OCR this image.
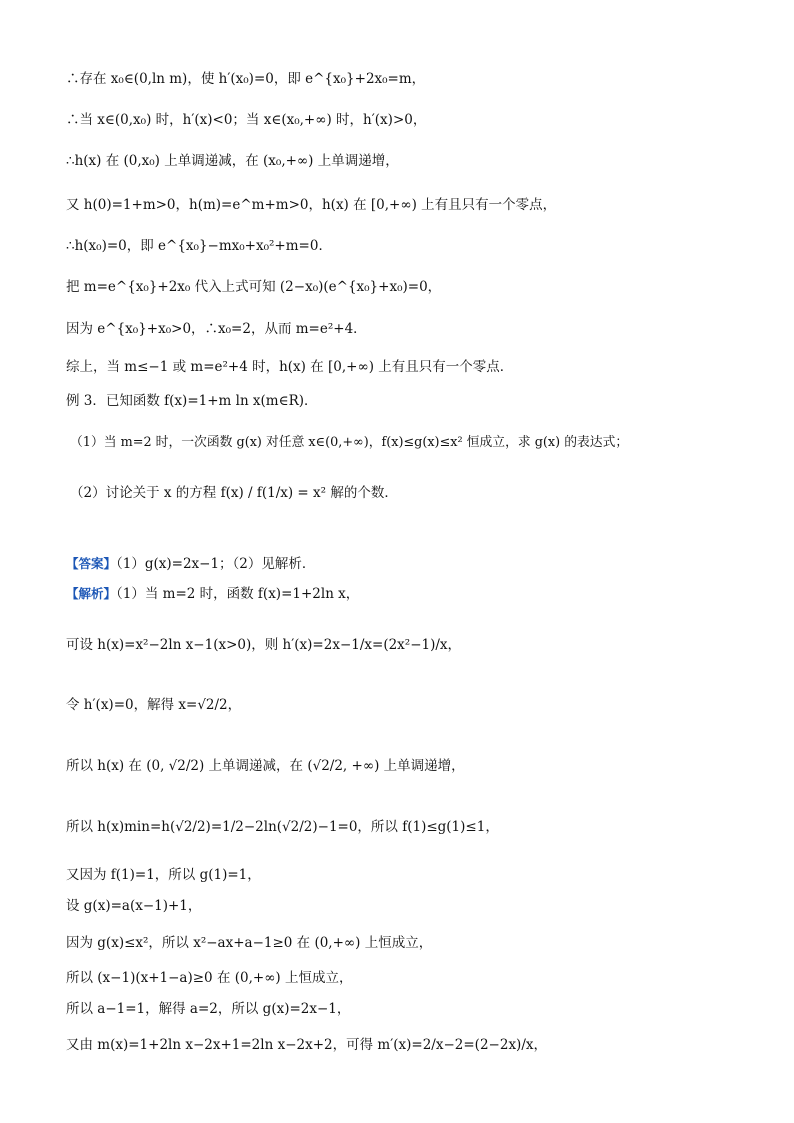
∴存在 x₀∈(0,ln m)，使 h′(x₀)=0，即 e^{x₀}+2x₀=m，
∴当 x∈(0,x₀) 时，h′(x)<0；当 x∈(x₀,+∞) 时，h′(x)>0，
∴h(x) 在 (0,x₀) 上单调递减，在 (x₀,+∞) 上单调递增，
又 h(0)=1+m>0，h(m)=e^m+m>0，h(x) 在 [0,+∞) 上有且只有一个零点，
∴h(x₀)=0，即 e^{x₀}−mx₀+x₀²+m=0．
把 m=e^{x₀}+2x₀ 代入上式可知 (2−x₀)(e^{x₀}+x₀)=0，
因为 e^{x₀}+x₀>0，∴x₀=2，从而 m=e²+4．
综上，当 m≤−1 或 m=e²+4 时，h(x) 在 [0,+∞) 上有且只有一个零点．
例 3．已知函数 f(x)=1+m ln x(m∈R)．
（1）当 m=2 时，一次函数 g(x) 对任意 x∈(0,+∞)，f(x)≤g(x)≤x² 恒成立，求 g(x) 的表达式；
（2）讨论关于 x 的方程 f(x) / f(1/x) = x² 解的个数．
【答案】（1）g(x)=2x−1；（2）见解析．
【解析】（1）当 m=2 时，函数 f(x)=1+2ln x，
可设 h(x)=x²−2ln x−1(x>0)，则 h′(x)=2x−1/x=(2x²−1)/x，
令 h′(x)=0，解得 x=√2/2，
所以 h(x) 在 (0, √2/2) 上单调递减，在 (√2/2, +∞) 上单调递增，
所以 h(x)min=h(√2/2)=1/2−2ln(√2/2)−1=0，所以 f(1)≤g(1)≤1，
又因为 f(1)=1，所以 g(1)=1，
设 g(x)=a(x−1)+1，
因为 g(x)≤x²，所以 x²−ax+a−1≥0 在 (0,+∞) 上恒成立，
所以 (x−1)(x+1−a)≥0 在 (0,+∞) 上恒成立，
所以 a−1=1，解得 a=2，所以 g(x)=2x−1，
又由 m(x)=1+2ln x−2x+1=2ln x−2x+2，可得 m′(x)=2/x−2=(2−2x)/x，
